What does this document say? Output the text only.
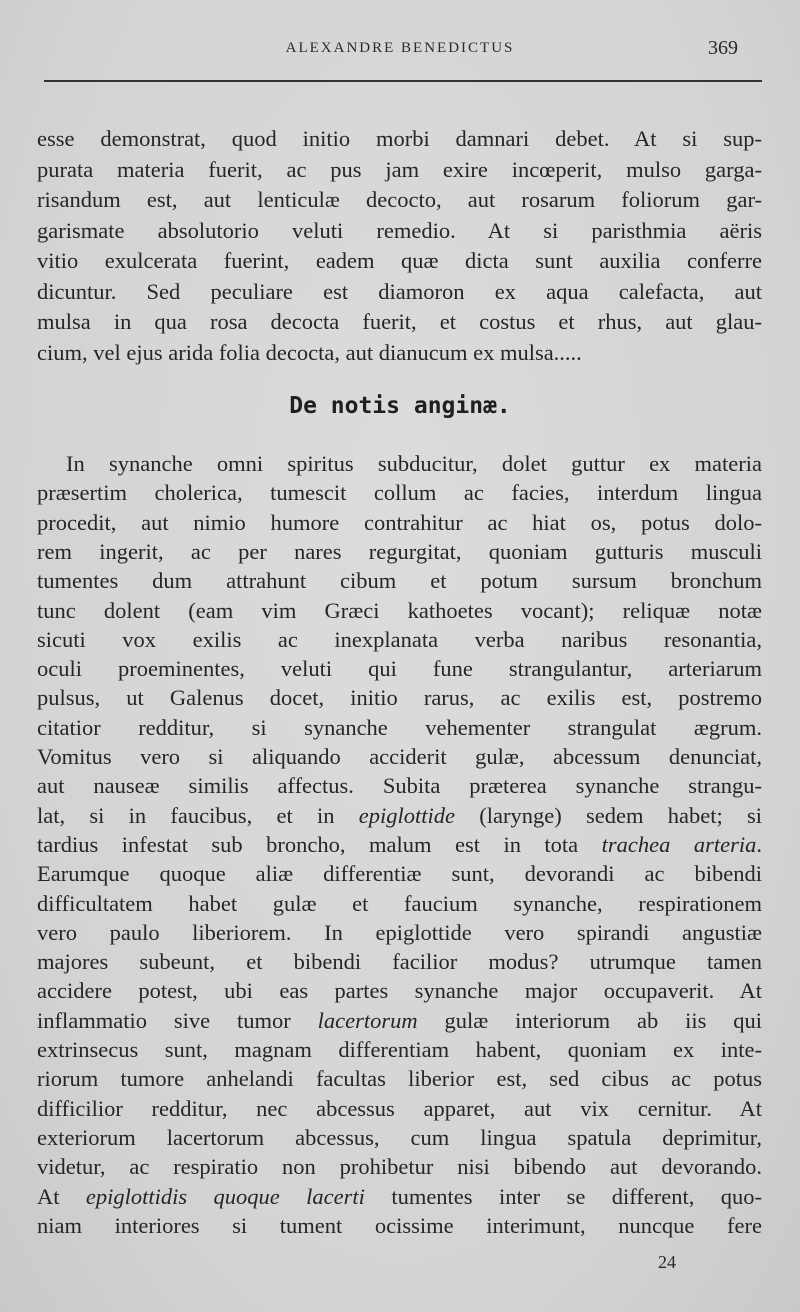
ALEXANDRE BENEDICTUS	369
esse demonstrat, quod initio morbi damnari debet. At si sup-
purata materia fuerit, ac pus jam exire incœperit, mulso garga-
risandum est, aut lenticulæ decocto, aut rosarum foliorum gar-
garismate absolutorio veluti remedio. At si paristhmia aëris
vitio exulcerata fuerint, eadem quæ dicta sunt auxilia conferre
dicuntur. Sed peculiare est diamoron ex aqua calefacta, aut
mulsa in qua rosa decocta fuerit, et costus et rhus, aut glau-
cium, vel ejus arida folia decocta, aut dianucum ex mulsa.....
De notis anginæ.
In synanche omni spiritus subducitur, dolet guttur ex materia
præsertim cholerica, tumescit collum ac facies, interdum lingua
procedit, aut nimio humore contrahitur ac hiat os, potus dolo-
rem ingerit, ac per nares regurgitat, quoniam gutturis musculi
tumentes dum attrahunt cibum et potum sursum bronchum
tunc dolent (eam vim Græci kathoetes vocant); reliquæ notæ
sicuti vox exilis ac inexplanata verba naribus resonantia,
oculi proeminentes, veluti qui fune strangulantur, arteriarum
pulsus, ut Galenus docet, initio rarus, ac exilis est, postremo
citatior redditur, si synanche vehementer strangulat ægrum.
Vomitus vero si aliquando acciderit gulæ, abcessum denunciat,
aut nauseæ similis affectus. Subita præterea synanche strangu-
lat, si in faucibus, et in epiglottide (larynge) sedem habet; si
tardius infestat sub broncho, malum est in tota trachea arteria.
Earumque quoque aliæ differentiæ sunt, devorandi ac bibendi
difficultatem habet gulæ et faucium synanche, respirationem
vero paulo liberiorem. In epiglottide vero spirandi angustiæ
majores subeunt, et bibendi facilior modus? utrumque tamen
accidere potest, ubi eas partes synanche major occupaverit. At
inflammatio sive tumor lacertorum gulæ interiorum ab iis qui
extrinsecus sunt, magnam differentiam habent, quoniam ex inte-
riorum tumore anhelandi facultas liberior est, sed cibus ac potus
difficilior redditur, nec abcessus apparet, aut vix cernitur. At
exteriorum lacertorum abcessus, cum lingua spatula deprimitur,
videtur, ac respiratio non prohibetur nisi bibendo aut devorando.
At epiglottidis quoque lacerti tumentes inter se different, quo-
niam interiores si tument ocissime interimunt, nuncque fere
24
